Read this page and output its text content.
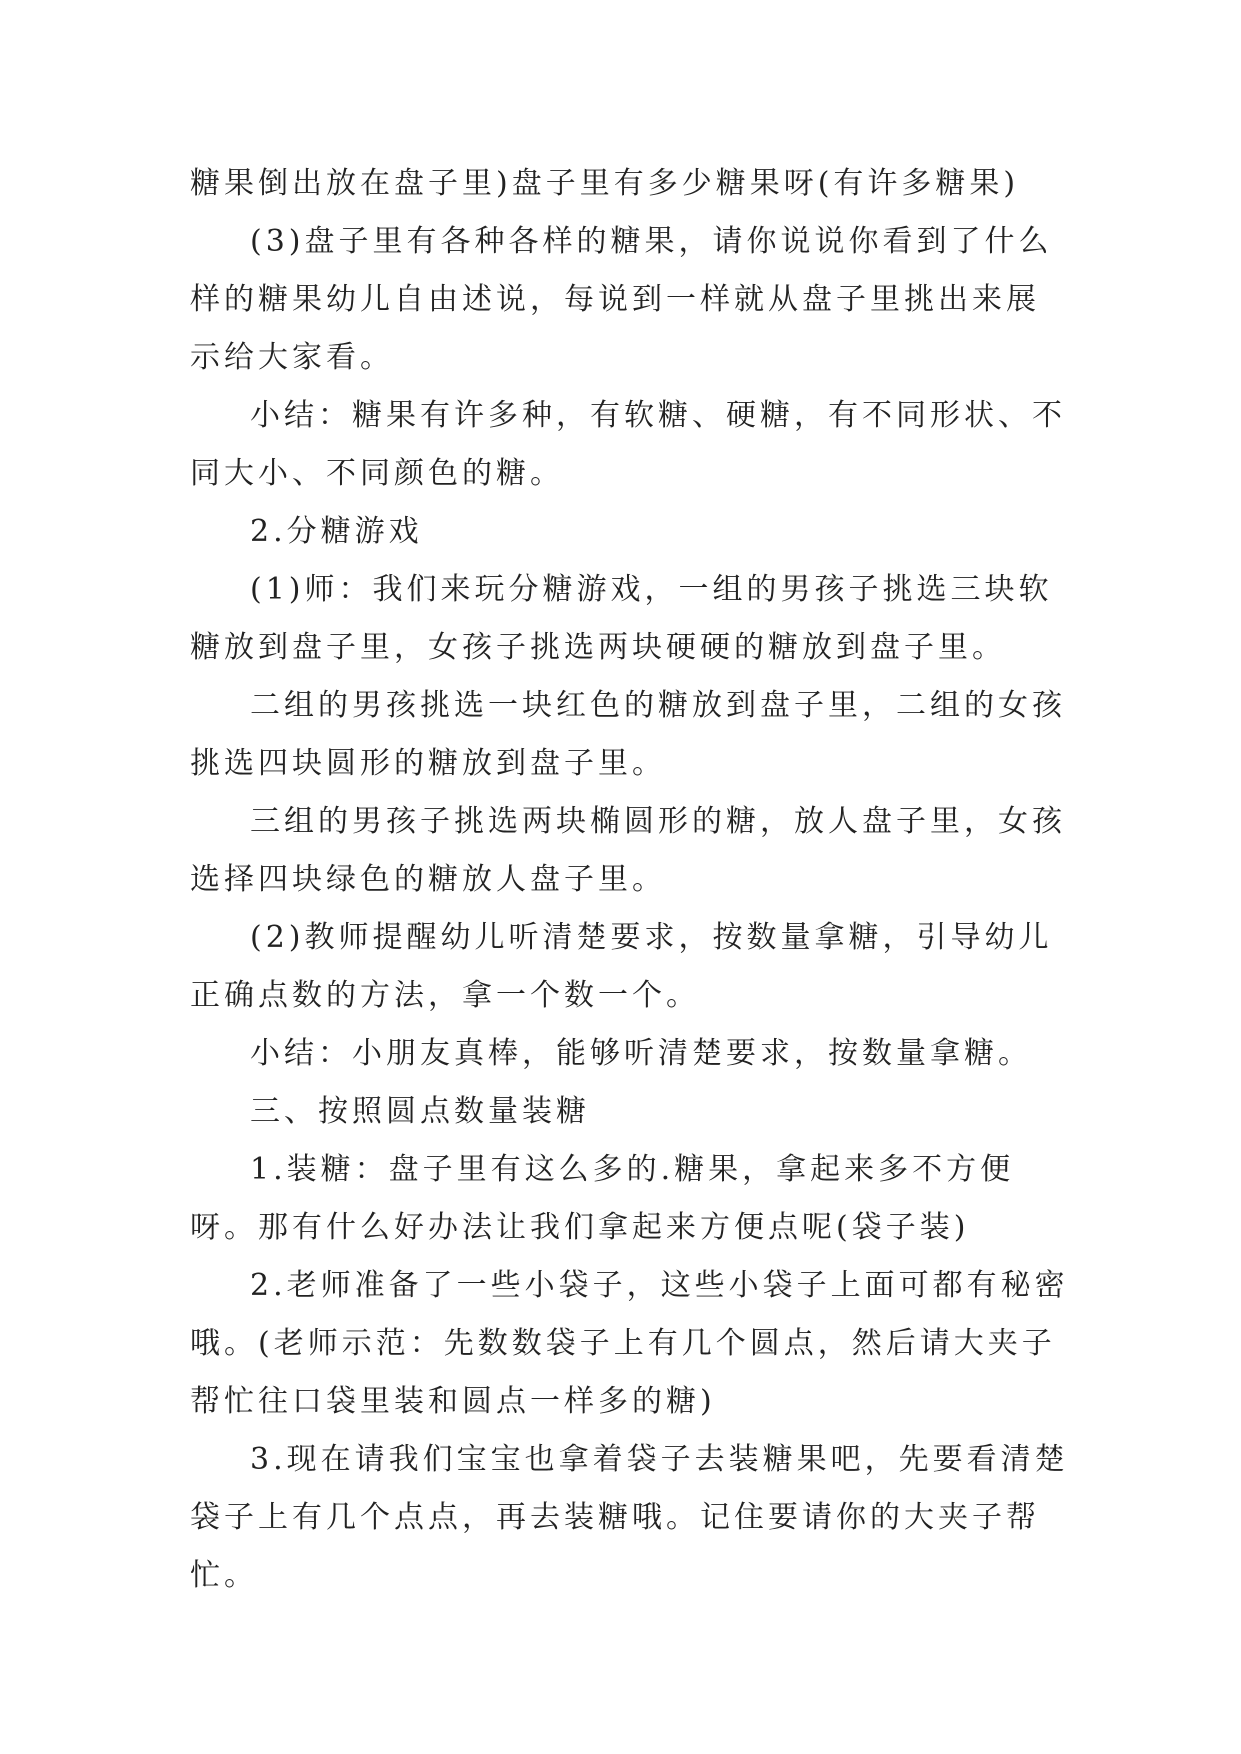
糖果倒出放在盘子里)盘子里有多少糖果呀(有许多糖果)

(3)盘子里有各种各样的糖果，请你说说你看到了什么样的糖果幼儿自由述说，每说到一样就从盘子里挑出来展示给大家看。

小结：糖果有许多种，有软糖、硬糖，有不同形状、不同大小、不同颜色的糖。

2.分糖游戏

(1)师：我们来玩分糖游戏，一组的男孩子挑选三块软糖放到盘子里，女孩子挑选两块硬硬的糖放到盘子里。

二组的男孩挑选一块红色的糖放到盘子里，二组的女孩挑选四块圆形的糖放到盘子里。

三组的男孩子挑选两块椭圆形的糖，放人盘子里，女孩选择四块绿色的糖放人盘子里。

(2)教师提醒幼儿听清楚要求，按数量拿糖，引导幼儿正确点数的方法，拿一个数一个。

小结：小朋友真棒，能够听清楚要求，按数量拿糖。

三、按照圆点数量装糖

1.装糖：盘子里有这么多的.糖果，拿起来多不方便呀。那有什么好办法让我们拿起来方便点呢(袋子装)

2.老师准备了一些小袋子，这些小袋子上面可都有秘密哦。(老师示范：先数数袋子上有几个圆点，然后请大夹子帮忙往口袋里装和圆点一样多的糖)

3.现在请我们宝宝也拿着袋子去装糖果吧，先要看清楚袋子上有几个点点，再去装糖哦。记住要请你的大夹子帮忙。
